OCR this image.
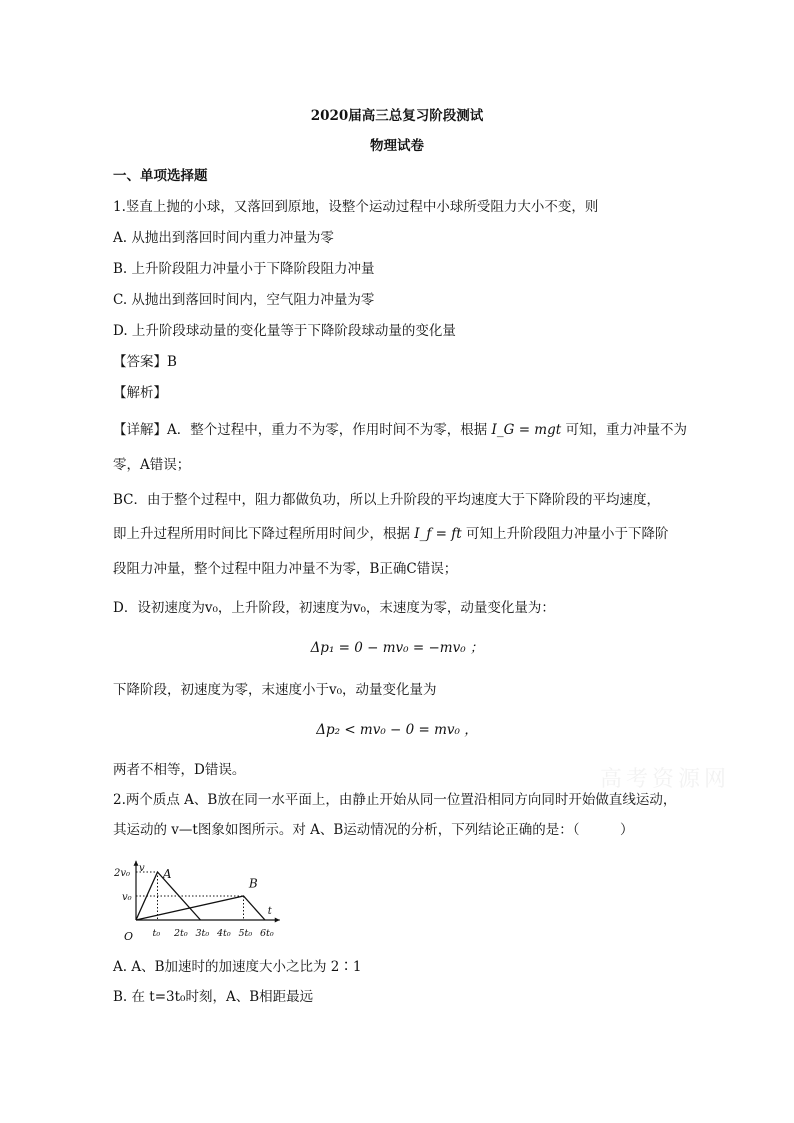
2020届高三总复习阶段测试
物理试卷
一、单项选择题
1.竖直上抛的小球，又落回到原地，设整个运动过程中小球所受阻力大小不变，则
A. 从抛出到落回时间内重力冲量为零
B. 上升阶段阻力冲量小于下降阶段阻力冲量
C. 从抛出到落回时间内，空气阻力冲量为零
D. 上升阶段球动量的变化量等于下降阶段球动量的变化量
【答案】B
【解析】
【详解】A．整个过程中，重力不为零，作用时间不为零，根据 I_G = mgt 可知，重力冲量不为
零，A错误；
BC．由于整个过程中，阻力都做负功，所以上升阶段的平均速度大于下降阶段的平均速度，
即上升过程所用时间比下降过程所用时间少，根据 I_f = ft 可知上升阶段阻力冲量小于下降阶
段阻力冲量，整个过程中阻力冲量不为零，B正确C错误；
D．设初速度为v₀，上升阶段，初速度为v₀，末速度为零，动量变化量为：
Δp₁ = 0 − mv₀ = −mv₀ ；
下降阶段，初速度为零，末速度小于v₀，动量变化量为
Δp₂ < mv₀ − 0 = mv₀ ，
两者不相等，D错误。	高考资源网
2.两个质点 A、B放在同一水平面上，由静止开始从同一位置沿相同方向同时开始做直线运动，
其运动的 v—t图象如图所示。对 A、B运动情况的分析，下列结论正确的是：（　　　）
t
v A
B
2v₀
v₀
O t₀ 2t₀ 3t₀ 4t₀ 5t₀ 6t₀
A. A、B加速时的加速度大小之比为 2∶1
B. 在 t=3t₀时刻，A、B相距最远
